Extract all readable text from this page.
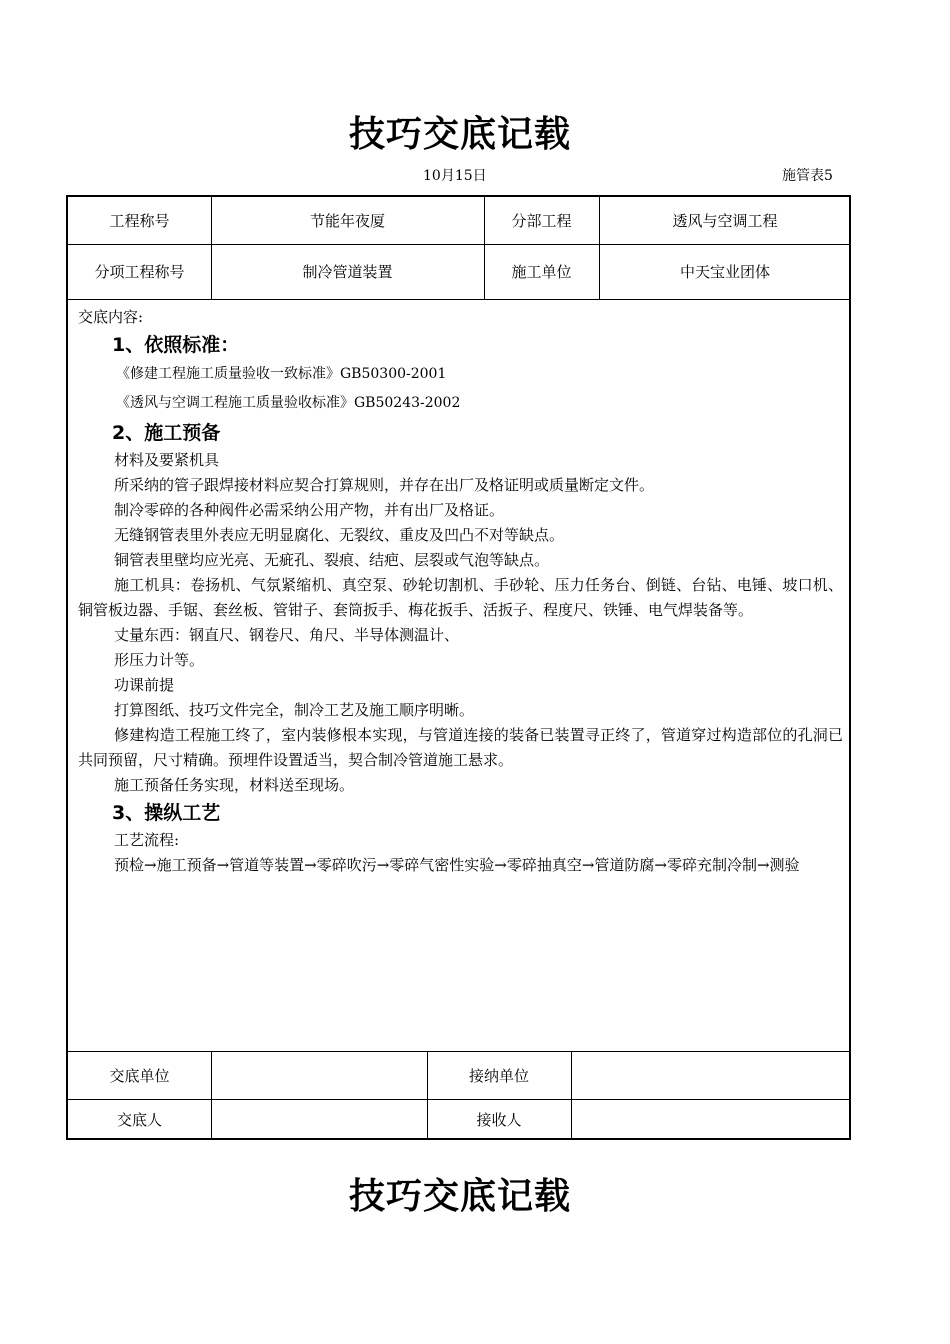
技巧交底记载
10月15日	施管表5
工程称号	节能年夜厦	分部工程	透风与空调工程
分项工程称号	制冷管道装置	施工单位	中天宝业团体
交底内容:
1、依照标准：
《修建工程施工质量验收一致标准》GB50300-2001
《透风与空调工程施工质量验收标准》GB50243-2002
2、施工预备

材料及要紧机具

所采纳的管子跟焊接材料应契合打算规则，并存在出厂及格证明或质量断定文件。

制冷零碎的各种阀件必需采纳公用产物，并有出厂及格证。

无缝钢管表里外表应无明显腐化、无裂纹、重皮及凹凸不对等缺点。

铜管表里壁均应光亮、无疵孔、裂痕、结疤、层裂或气泡等缺点。

施工机具：卷扬机、气氛紧缩机、真空泵、砂轮切割机、手砂轮、压力任务台、倒链、台钻、电锤、坡口机、铜管板边器、手锯、套丝板、管钳子、套筒扳手、梅花扳手、活扳子、程度尺、铁锤、电气焊装备等。

丈量东西：钢直尺、钢卷尺、角尺、半导体测温计、

形压力计等。

功课前提

打算图纸、技巧文件完全，制冷工艺及施工顺序明晰。

修建构造工程施工终了，室内装修根本实现，与管道连接的装备已装置寻正终了，管道穿过构造部位的孔洞已共同预留，尺寸精确。预埋件设置适当，契合制冷管道施工悬求。

施工预备任务实现，材料送至现场。

3、操纵工艺

工艺流程:

预检→施工预备→管道等装置→零碎吹污→零碎气密性实验→零碎抽真空→管道防腐→零碎充制冷制→测验

交底单位	接纳单位
交底人	接收人
技巧交底记载
